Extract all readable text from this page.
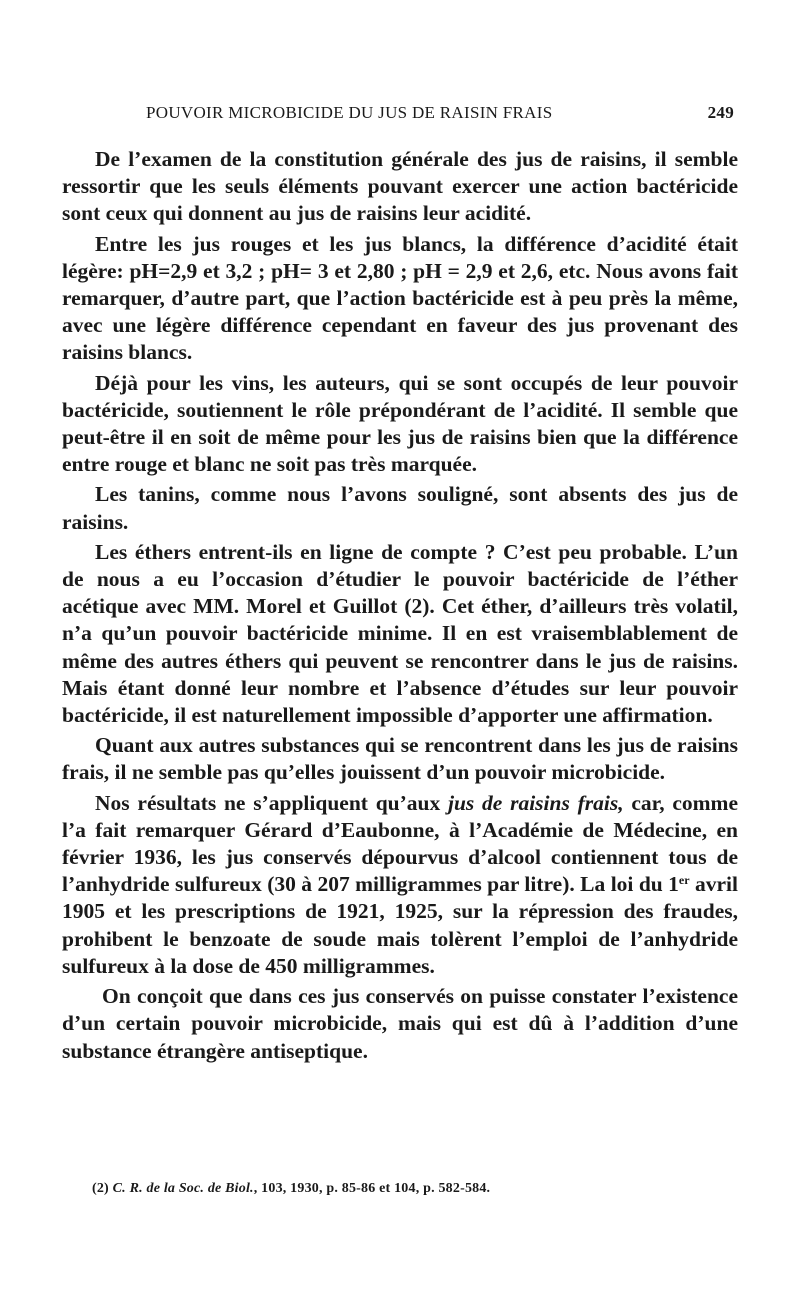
POUVOIR MICROBICIDE DU JUS DE RAISIN FRAIS	249

De l’examen de la constitution générale des jus de raisins, il semble ressortir que les seuls éléments pouvant exercer une action bactéricide sont ceux qui donnent au jus de raisins leur acidité.

Entre les jus rouges et les jus blancs, la différence d’acidité était légère: pH=2,9 et 3,2 ; pH= 3 et 2,80 ; pH = 2,9 et 2,6, etc. Nous avons fait remarquer, d’autre part, que l’action bactéricide est à peu près la même, avec une légère différence cependant en faveur des jus provenant des raisins blancs.

Déjà pour les vins, les auteurs, qui se sont occupés de leur pouvoir bactéricide, soutiennent le rôle prépondérant de l’acidité. Il semble que peut-être il en soit de même pour les jus de raisins bien que la différence entre rouge et blanc ne soit pas très marquée.

Les tanins, comme nous l’avons souligné, sont absents des jus de raisins.

Les éthers entrent-ils en ligne de compte ? C’est peu probable. L’un de nous a eu l’occasion d’étudier le pouvoir bactéricide de l’éther acétique avec MM. Morel et Guillot (2). Cet éther, d’ailleurs très volatil, n’a qu’un pouvoir bactéricide minime. Il en est vraisemblablement de même des autres éthers qui peuvent se rencontrer dans le jus de raisins. Mais étant donné leur nombre et l’absence d’études sur leur pouvoir bactéricide, il est naturellement impossible d’apporter une affirmation.

Quant aux autres substances qui se rencontrent dans les jus de raisins frais, il ne semble pas qu’elles jouissent d’un pouvoir microbicide.

Nos résultats ne s’appliquent qu’aux jus de raisins frais, car, comme l’a fait remarquer Gérard d’Eaubonne, à l’Académie de Médecine, en février 1936, les jus conservés dépourvus d’alcool contiennent tous de l’anhydride sulfureux (30 à 207 milligrammes par litre). La loi du 1er avril 1905 et les prescriptions de 1921, 1925, sur la répression des fraudes, prohibent le benzoate de soude mais tolèrent l’emploi de l’anhydride sulfureux à la dose de 450 milligrammes.

On conçoit que dans ces jus conservés on puisse constater l’existence d’un certain pouvoir microbicide, mais qui est dû à l’addition d’une substance étrangère antiseptique.

(2) C. R. de la Soc. de Biol., 103, 1930, p. 85-86 et 104, p. 582-584.
